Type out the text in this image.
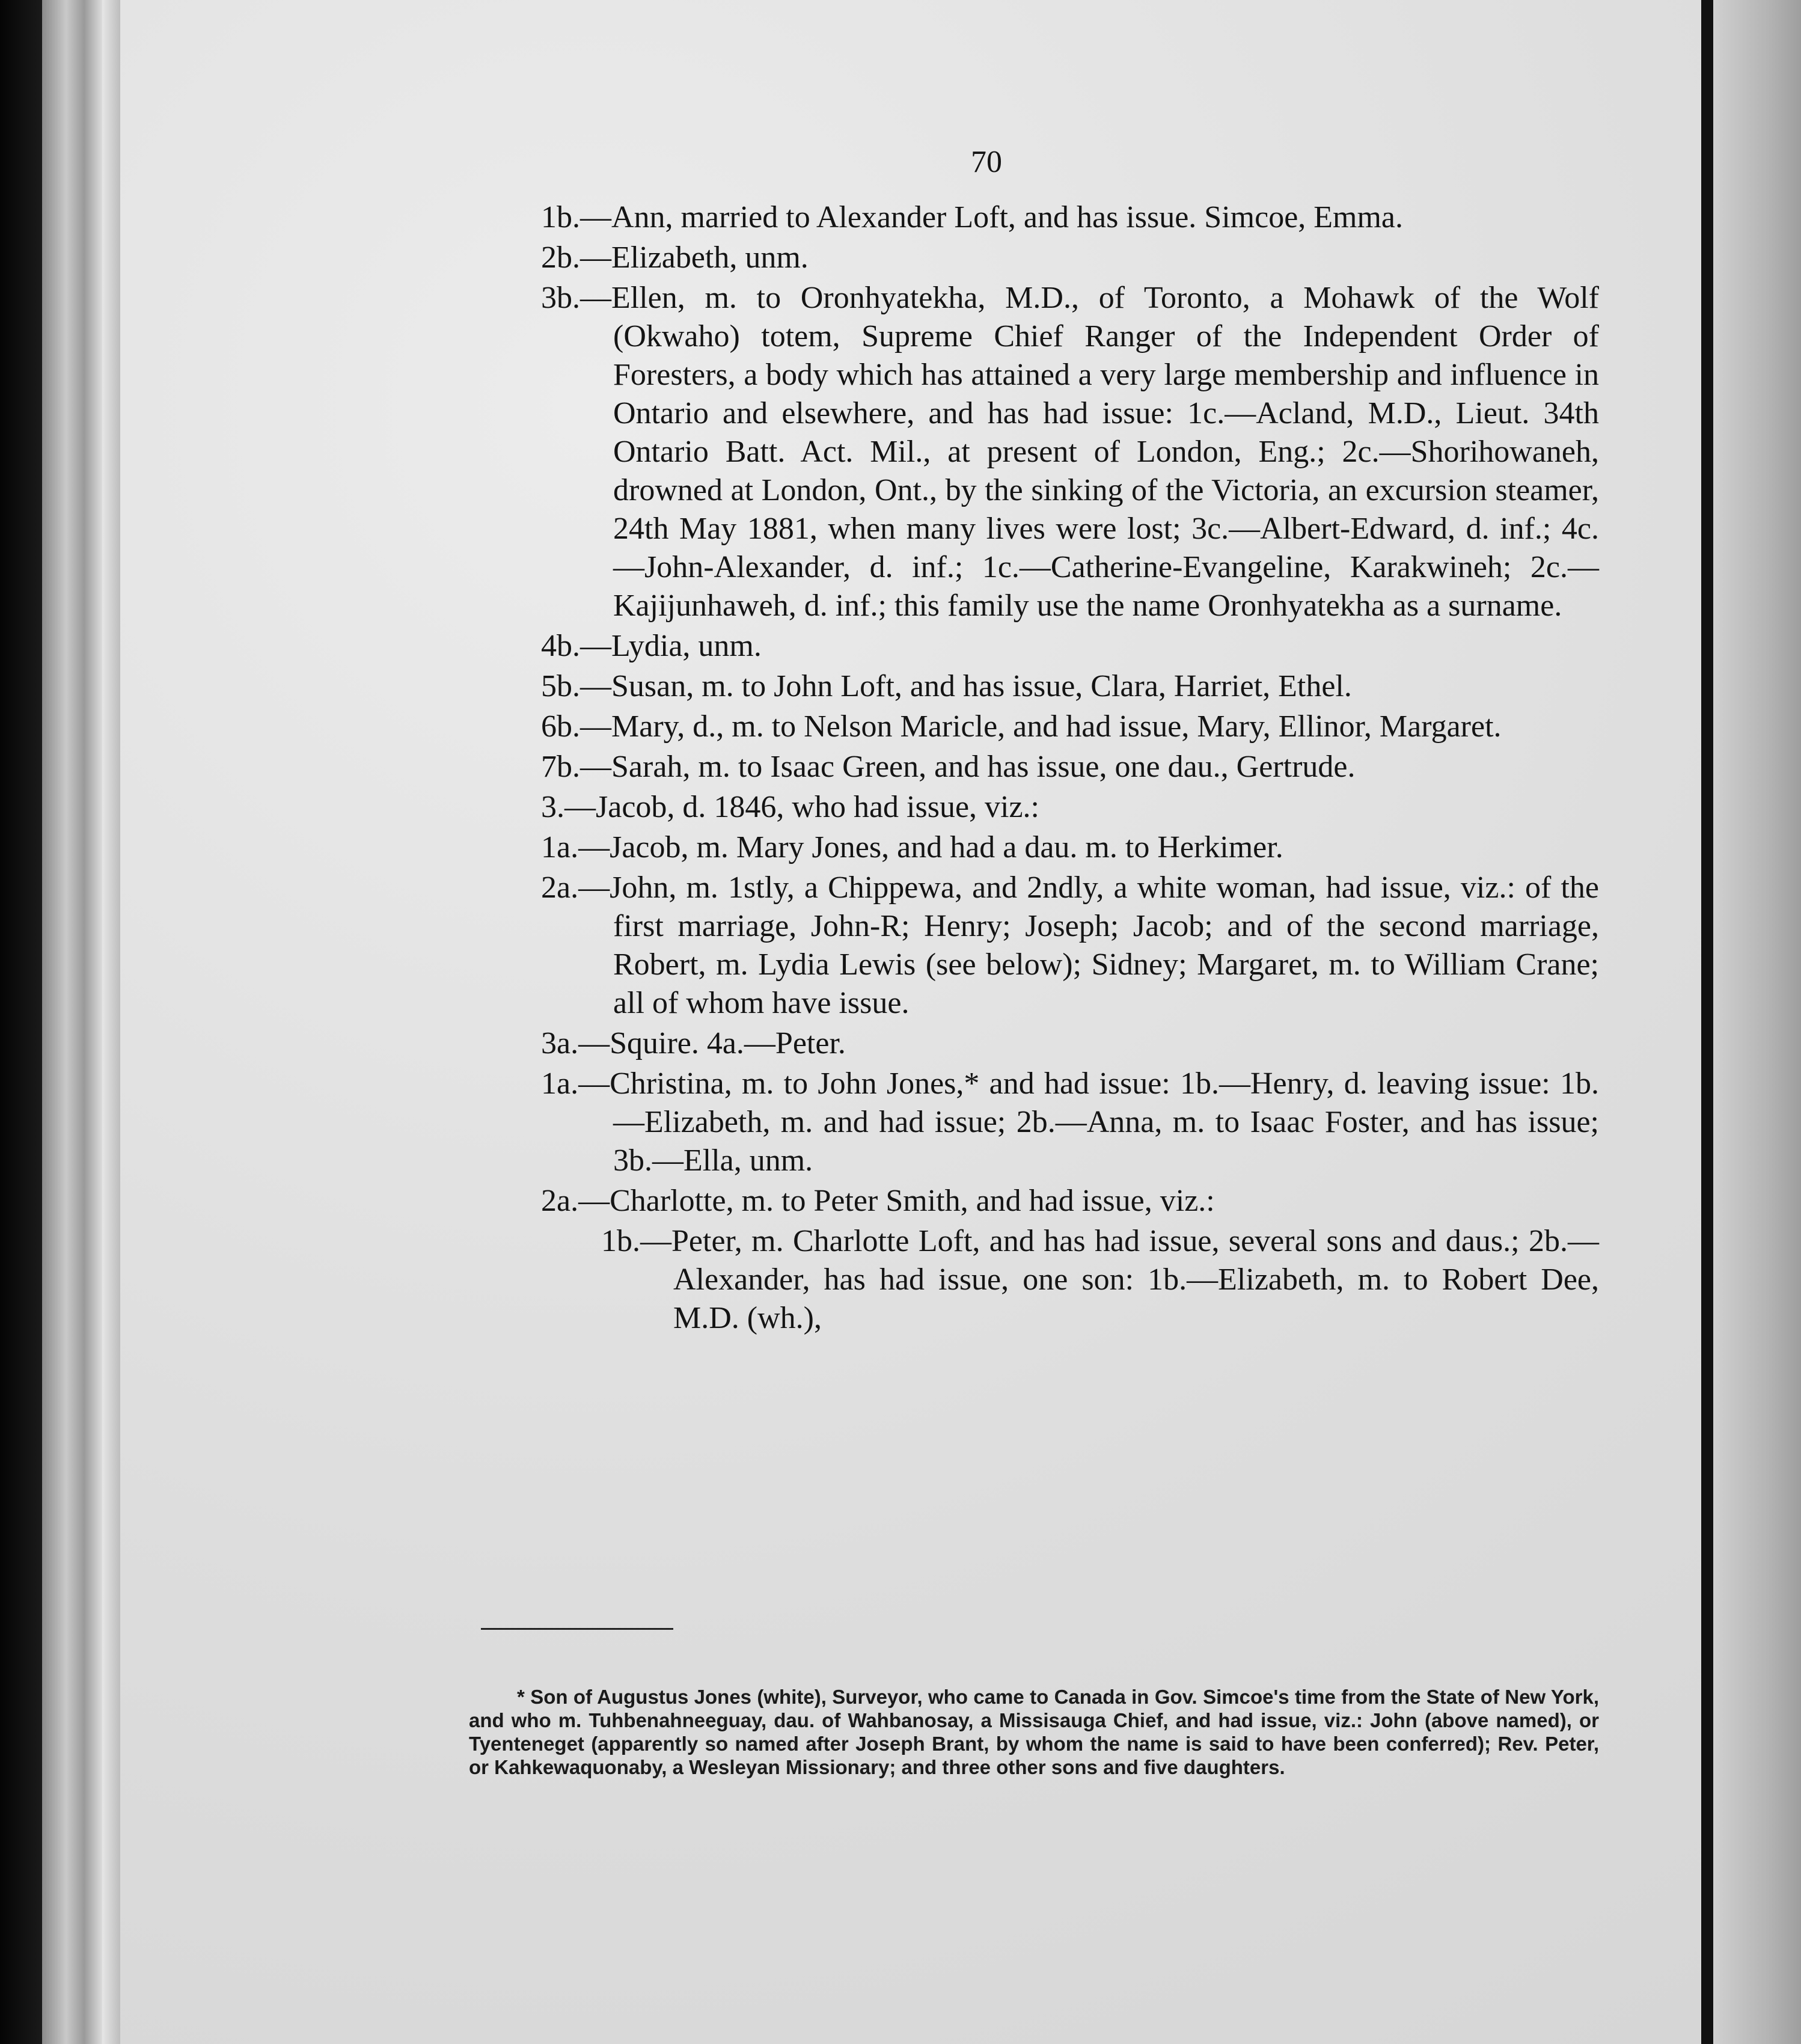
70

1b.—Ann, married to Alexander Loft, and has issue. Simcoe, Emma.

2b.—Elizabeth, unm.

3b.—Ellen, m. to Oronhyatekha, M.D., of Toronto, a Mohawk of the Wolf (Okwaho) totem, Supreme Chief Ranger of the Independent Order of Foresters, a body which has attained a very large membership and influence in Ontario and elsewhere, and has had issue: 1c.—Acland, M.D., Lieut. 34th Ontario Batt. Act. Mil., at present of London, Eng.; 2c.—Shorihowaneh, drowned at London, Ont., by the sinking of the Victoria, an excursion steamer, 24th May 1881, when many lives were lost; 3c.—Albert-Edward, d. inf.; 4c.—John-Alexander, d. inf.; 1c.—Catherine-Evangeline, Karakwineh; 2c.—Kajijunhaweh, d. inf.; this family use the name Oronhyatekha as a surname.

4b.—Lydia, unm.

5b.—Susan, m. to John Loft, and has issue, Clara, Harriet, Ethel.

6b.—Mary, d., m. to Nelson Maricle, and had issue, Mary, Ellinor, Margaret.

7b.—Sarah, m. to Isaac Green, and has issue, one dau., Gertrude.

3.—Jacob, d. 1846, who had issue, viz.:

1a.—Jacob, m. Mary Jones, and had a dau. m. to Herkimer.

2a.—John, m. 1stly, a Chippewa, and 2ndly, a white woman, had issue, viz.: of the first marriage, John-R; Henry; Joseph; Jacob; and of the second marriage, Robert, m. Lydia Lewis (see below); Sidney; Margaret, m. to William Crane; all of whom have issue.

3a.—Squire. 4a.—Peter.

1a.—Christina, m. to John Jones,* and had issue: 1b.—Henry, d. leaving issue: 1b.—Elizabeth, m. and had issue; 2b.—Anna, m. to Isaac Foster, and has issue; 3b.—Ella, unm.

2a.—Charlotte, m. to Peter Smith, and had issue, viz.:

1b.—Peter, m. Charlotte Loft, and has had issue, several sons and daus.; 2b.—Alexander, has had issue, one son: 1b.—Elizabeth, m. to Robert Dee, M.D. (wh.),

* Son of Augustus Jones (white), Surveyor, who came to Canada in Gov. Simcoe's time from the State of New York, and who m. Tuhbenahneeguay, dau. of Wahbanosay, a Missisauga Chief, and had issue, viz.: John (above named), or Tyenteneget (apparently so named after Joseph Brant, by whom the name is said to have been conferred); Rev. Peter, or Kahkewaquonaby, a Wesleyan Missionary; and three other sons and five daughters.
